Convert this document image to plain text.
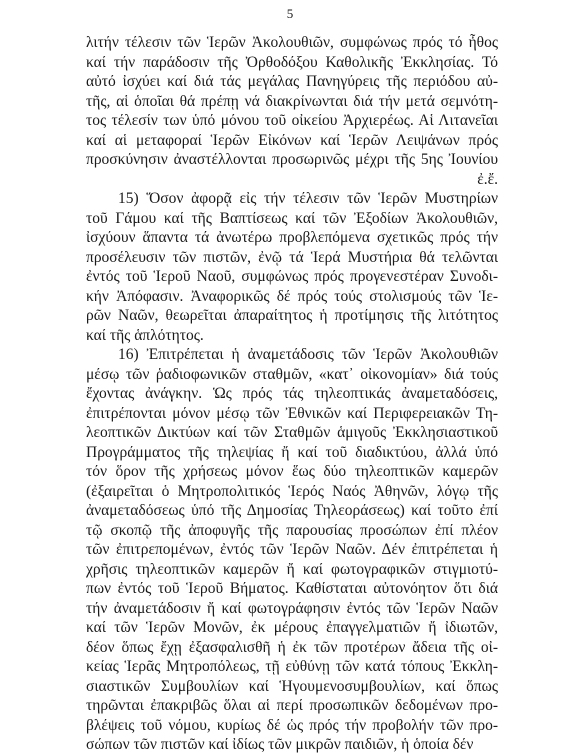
5
λιτήν τέλεσιν τῶν Ἱερῶν Ἀκολουθιῶν, συμφώνως πρός τό ἦθος
καί τήν παράδοσιν τῆς Ὀρθοδόξου Καθολικῆς Ἐκκλησίας. Τό
αὐτό ἰσχύει καί διά τάς μεγάλας Πανηγύρεις τῆς περιόδου αὐ-
τῆς, αἱ ὁποῖαι θά πρέπῃ νά διακρίνωνται διά τήν μετά σεμνότη-
τος τέλεσίν των ὑπό μόνου τοῦ οἰκείου Ἀρχιερέως. Αἱ Λιτανεῖαι
καί αἱ μεταφοραί Ἱερῶν Εἰκόνων καί Ἱερῶν Λειψάνων πρός
προσκύνησιν ἀναστέλλονται προσωρινῶς μέχρι τῆς 5ης Ἰουνίου
ἐ.ἔ.
15) Ὅσον ἀφορᾷ εἰς τήν τέλεσιν τῶν Ἱερῶν Μυστηρίων
τοῦ Γάμου καί τῆς Βαπτίσεως καί τῶν Ἐξοδίων Ἀκολουθιῶν,
ἰσχύουν ἅπαντα τά ἀνωτέρω προβλεπόμενα σχετικῶς πρός τήν
προσέλευσιν τῶν πιστῶν, ἐνῷ τά Ἱερά Μυστήρια θά τελῶνται
ἐντός τοῦ Ἱεροῦ Ναοῦ, συμφώνως πρός προγενεστέραν Συνοδι-
κήν Ἀπόφασιν. Ἀναφορικῶς δέ πρός τούς στολισμούς τῶν Ἱε-
ρῶν Ναῶν, θεωρεῖται ἀπαραίτητος ἡ προτίμησις τῆς λιτότητος
καί τῆς ἁπλότητος.
16) Ἐπιτρέπεται ἡ ἀναμετάδοσις τῶν Ἱερῶν Ἀκολουθιῶν
μέσῳ τῶν ῥαδιοφωνικῶν σταθμῶν, «κατ᾽ οἰκονομίαν» διά τούς
ἔχοντας ἀνάγκην. Ὡς πρός τάς τηλεοπτικάς ἀναμεταδόσεις,
ἐπιτρέπονται μόνον μέσῳ τῶν Ἐθνικῶν καί Περιφερειακῶν Τη-
λεοπτικῶν Δικτύων καί τῶν Σταθμῶν ἁμιγοῦς Ἐκκλησιαστικοῦ
Προγράμματος τῆς τηλεψίας ἤ καί τοῦ διαδικτύου, ἀλλά ὑπό
τόν ὅρον τῆς χρήσεως μόνον ἕως δύο τηλεοπτικῶν καμερῶν
(ἐξαιρεῖται ὁ Μητροπολιτικός Ἱερός Ναός Ἀθηνῶν, λόγῳ τῆς
ἀναμεταδόσεως ὑπό τῆς Δημοσίας Τηλεοράσεως) καί τοῦτο ἐπί
τῷ σκοπῷ τῆς ἀποφυγῆς τῆς παρουσίας προσώπων ἐπί πλέον
τῶν ἐπιτρεπομένων, ἐντός τῶν Ἱερῶν Ναῶν. Δέν ἐπιτρέπεται ἡ
χρῆσις τηλεοπτικῶν καμερῶν ἤ καί φωτογραφικῶν στιγμιοτύ-
πων ἐντός τοῦ Ἱεροῦ Βήματος. Καθίσταται αὐτονόητον ὅτι διά
τήν ἀναμετάδοσιν ἤ καί φωτογράφησιν ἐντός τῶν Ἱερῶν Ναῶν
καί τῶν Ἱερῶν Μονῶν, ἐκ μέρους ἐπαγγελματιῶν ἤ ἰδιωτῶν,
δέον ὅπως ἔχῃ ἐξασφαλισθῆ ἡ ἐκ τῶν προτέρων ἄδεια τῆς οἰ-
κείας Ἱερᾶς Μητροπόλεως, τῇ εὐθύνῃ τῶν κατά τόπους Ἐκκλη-
σιαστικῶν Συμβουλίων καί Ἡγουμενοσυμβουλίων, καί ὅπως
τηρῶνται ἐπακριβῶς ὅλαι αἱ περί προσωπικῶν δεδομένων προ-
βλέψεις τοῦ νόμου, κυρίως δέ ὡς πρός τήν προβολήν τῶν προ-
σώπων τῶν πιστῶν καί ἰδίως τῶν μικρῶν παιδιῶν, ἡ ὁποία δέν
